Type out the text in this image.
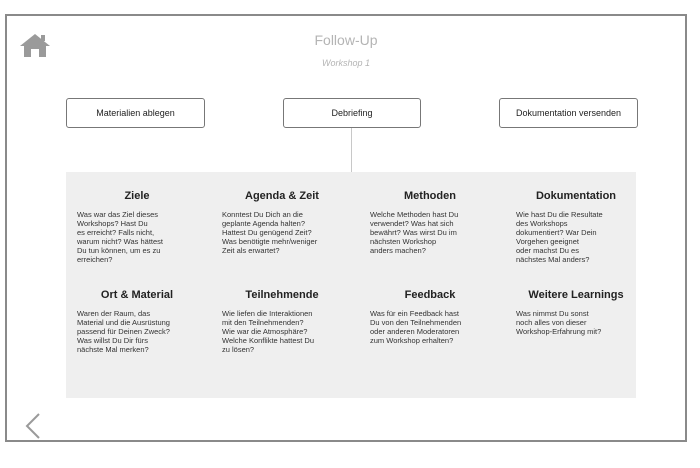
Follow-Up
Workshop 1
Materialien ablegen	Debriefing	Dokumentation versenden
Ziele

Was war das Ziel dieses
Workshops? Hast Du
es erreicht? Falls nicht,
warum nicht? Was hättest
Du tun können, um es zu
erreichen?

Agenda & Zeit

Konntest Du Dich an die
geplante Agenda halten?
Hattest Du genügend Zeit?
Was benötigte mehr/weniger
Zeit als erwartet?

Methoden

Welche Methoden hast Du
verwendet? Was hat sich
bewährt? Was wirst Du im
nächsten Workshop
anders machen?

Dokumentation

Wie hast Du die Resultate
des Workshops
dokumentiert? War Dein
Vorgehen geeignet
oder machst Du es
nächstes Mal anders?

Ort & Material

Waren der Raum, das
Material und die Ausrüstung
passend für Deinen Zweck?
Was willst Du Dir fürs
nächste Mal merken?

Teilnehmende

Wie liefen die Interaktionen
mit den Teilnehmenden?
Wie war die Atmosphäre?
Welche Konflikte hattest Du
zu lösen?

Feedback

Was für ein Feedback hast
Du von den Teilnehmenden
oder anderen Moderatoren
zum Workshop erhalten?

Weitere Learnings

Was nimmst Du sonst
noch alles von dieser
Workshop-Erfahrung mit?
